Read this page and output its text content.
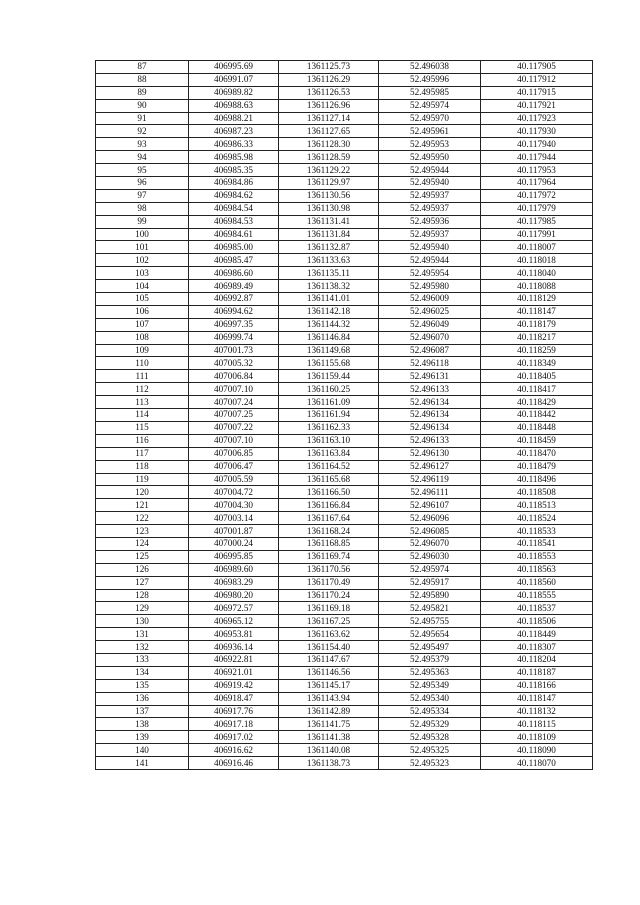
87	406995.69	1361125.73	52.496038	40.117905
88	406991.07	1361126.29	52.495996	40.117912
89	406989.82	1361126.53	52.495985	40.117915
90	406988.63	1361126.96	52.495974	40.117921
91	406988.21	1361127.14	52.495970	40.117923
92	406987.23	1361127.65	52.495961	40.117930
93	406986.33	1361128.30	52.495953	40.117940
94	406985.98	1361128.59	52.495950	40.117944
95	406985.35	1361129.22	52.495944	40.117953
96	406984.86	1361129.97	52.495940	40.117964
97	406984.62	1361130.56	52.495937	40.117972
98	406984.54	1361130.98	52.495937	40.117979
99	406984.53	1361131.41	52.495936	40.117985
100	406984.61	1361131.84	52.495937	40.117991
101	406985.00	1361132.87	52.495940	40.118007
102	406985.47	1361133.63	52.495944	40.118018
103	406986.60	1361135.11	52.495954	40.118040
104	406989.49	1361138.32	52.495980	40.118088
105	406992.87	1361141.01	52.496009	40.118129
106	406994.62	1361142.18	52.496025	40.118147
107	406997.35	1361144.32	52.496049	40.118179
108	406999.74	1361146.84	52.496070	40.118217
109	407001.73	1361149.68	52.496087	40.118259
110	407005.32	1361155.68	52.496118	40.118349
111	407006.84	1361159.44	52.496131	40.118405
112	407007.10	1361160.25	52.496133	40.118417
113	407007.24	1361161.09	52.496134	40.118429
114	407007.25	1361161.94	52.496134	40.118442
115	407007.22	1361162.33	52.496134	40.118448
116	407007.10	1361163.10	52.496133	40.118459
117	407006.85	1361163.84	52.496130	40.118470
118	407006.47	1361164.52	52.496127	40.118479
119	407005.59	1361165.68	52.496119	40.118496
120	407004.72	1361166.50	52.496111	40.118508
121	407004.30	1361166.84	52.496107	40.118513
122	407003.14	1361167.64	52.496096	40.118524
123	407001.87	1361168.24	52.496085	40.118533
124	407000.24	1361168.85	52.496070	40.118541
125	406995.85	1361169.74	52.496030	40.118553
126	406989.60	1361170.56	52.495974	40.118563
127	406983.29	1361170.49	52.495917	40.118560
128	406980.20	1361170.24	52.495890	40.118555
129	406972.57	1361169.18	52.495821	40.118537
130	406965.12	1361167.25	52.495755	40.118506
131	406953.81	1361163.62	52.495654	40.118449
132	406936.14	1361154.40	52.495497	40.118307
133	406922.81	1361147.67	52.495379	40.118204
134	406921.01	1361146.56	52.495363	40.118187
135	406919.42	1361145.17	52.495349	40.118166
136	406918.47	1361143.94	52.495340	40.118147
137	406917.76	1361142.89	52.495334	40.118132
138	406917.18	1361141.75	52.495329	40.118115
139	406917.02	1361141.38	52.495328	40.118109
140	406916.62	1361140.08	52.495325	40.118090
141	406916.46	1361138.73	52.495323	40.118070
